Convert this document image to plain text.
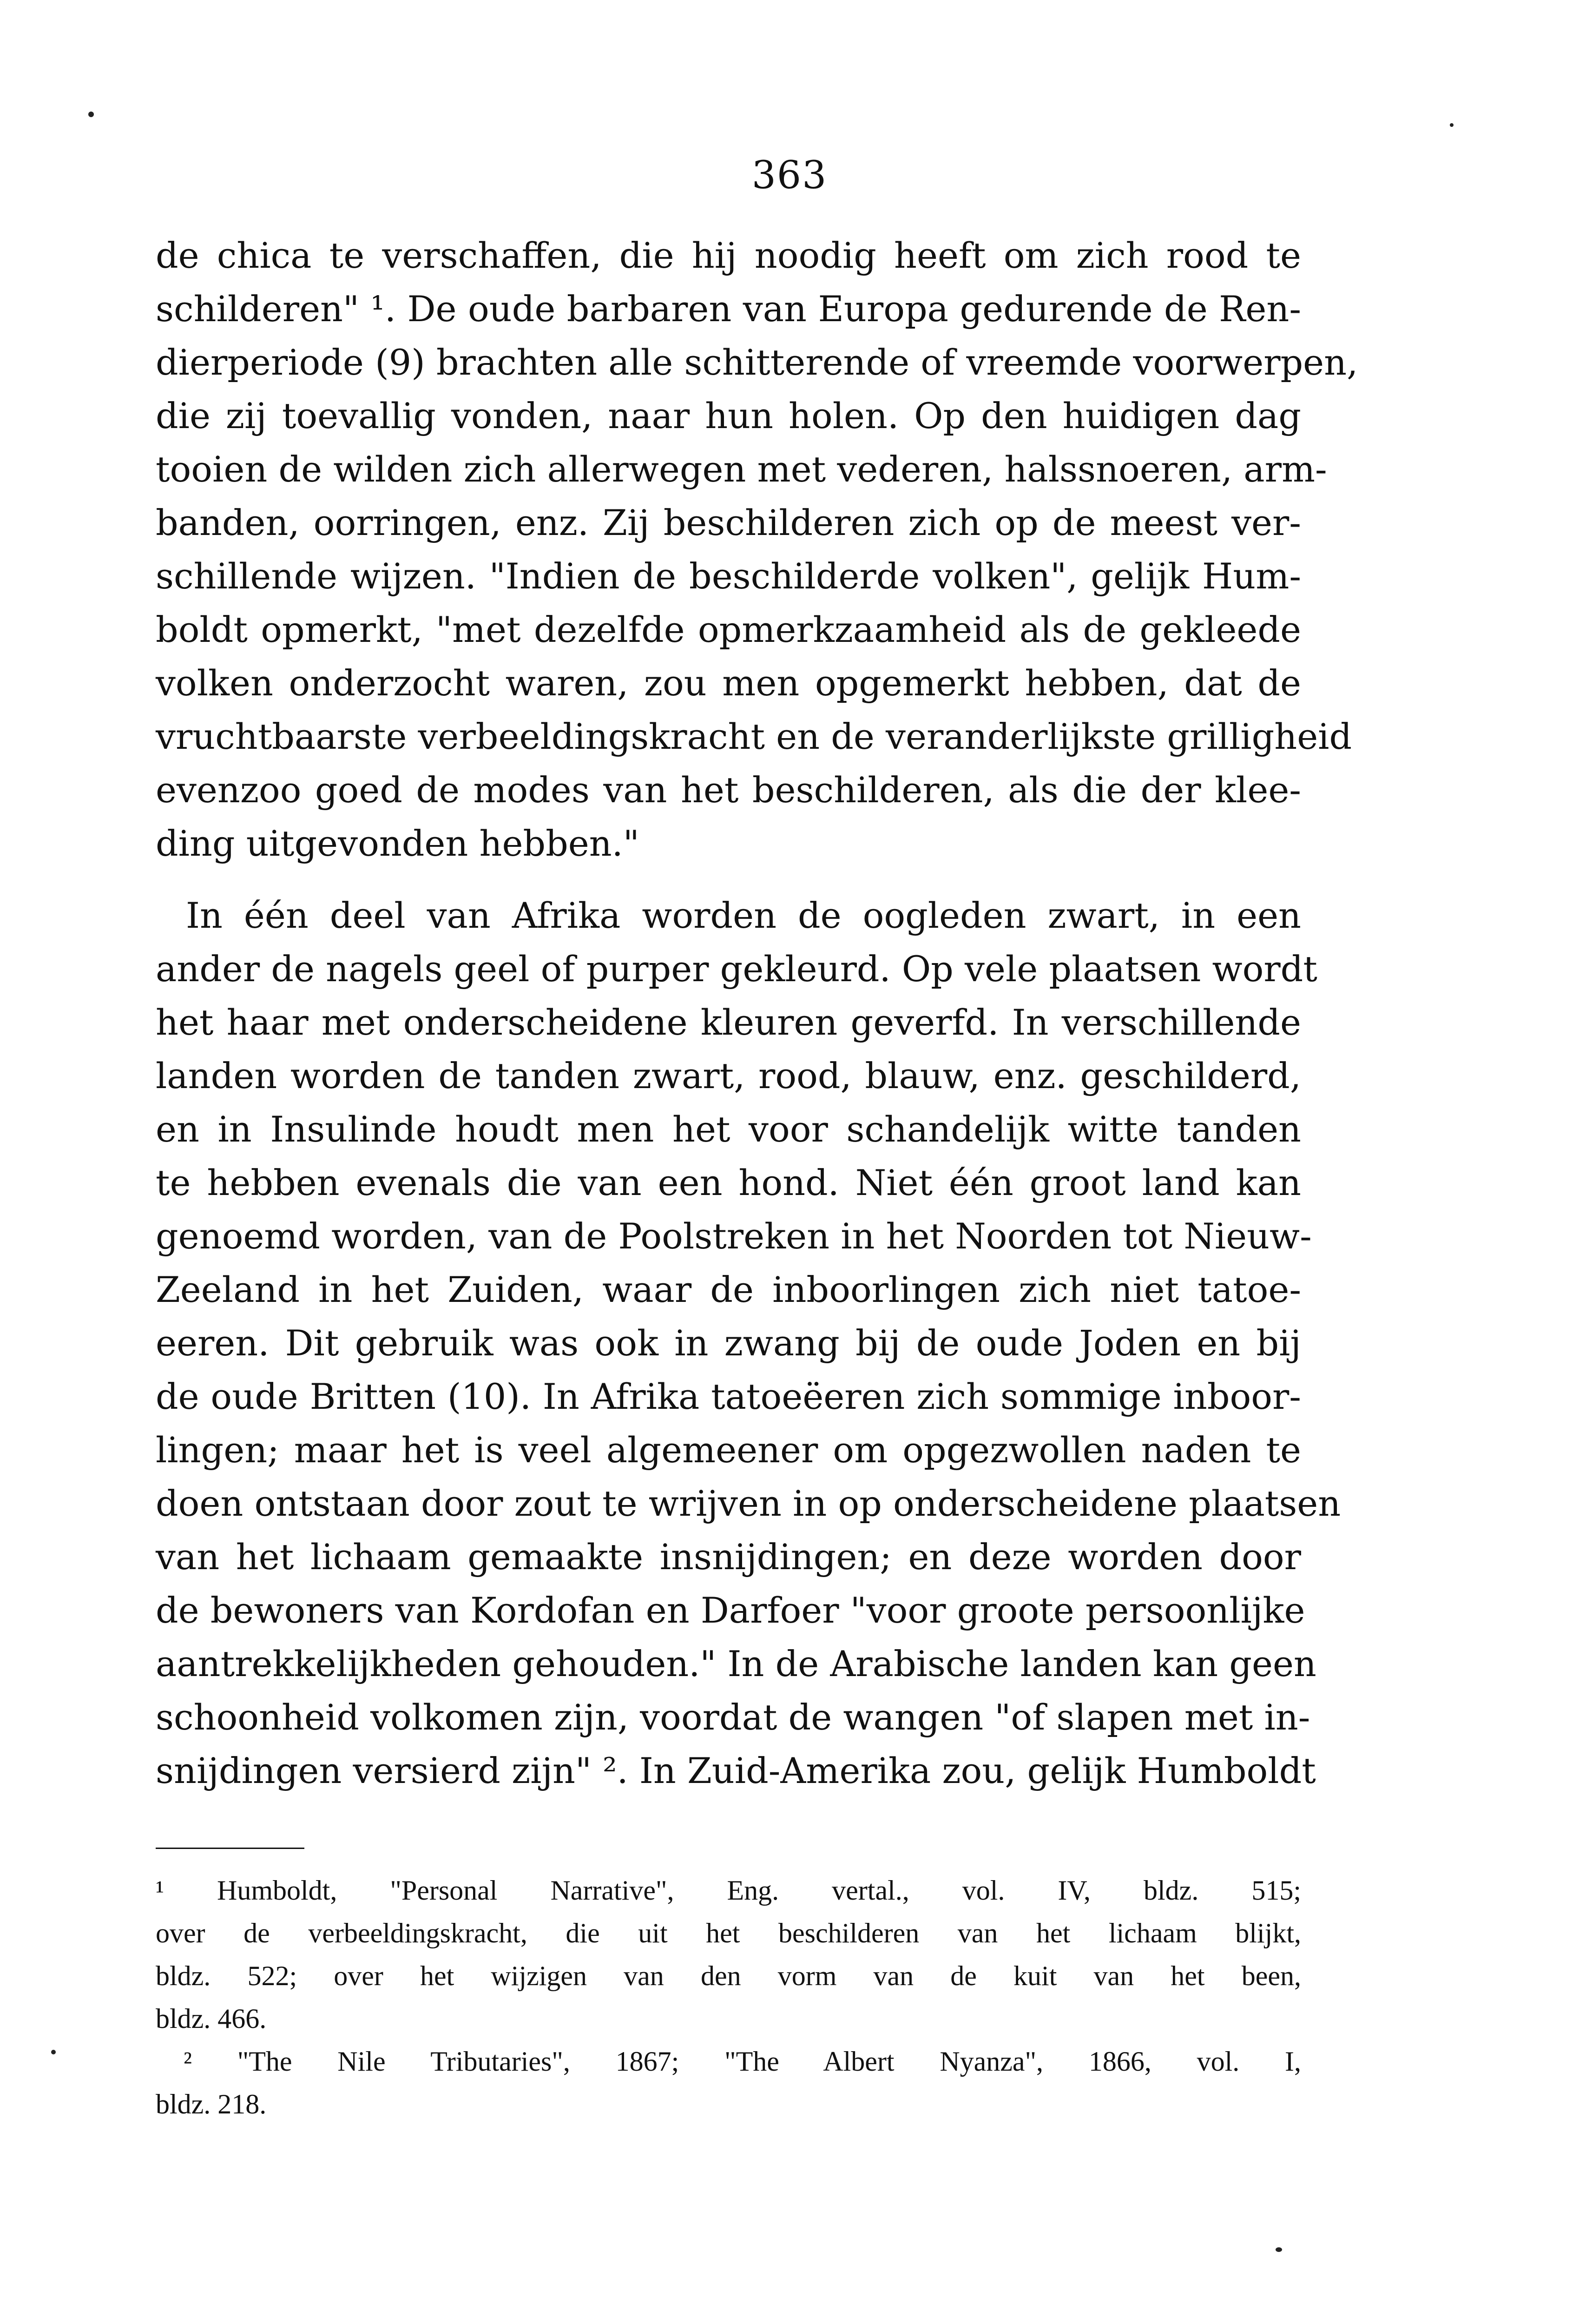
363
de chica te verschaffen, die hij noodig heeft om zich rood te
schilderen" ¹. De oude barbaren van Europa gedurende de Ren-
dierperiode (9) brachten alle schitterende of vreemde voorwerpen,
die zij toevallig vonden, naar hun holen. Op den huidigen dag
tooien de wilden zich allerwegen met vederen, halssnoeren, arm-
banden, oorringen, enz. Zij beschilderen zich op de meest ver-
schillende wijzen. "Indien de beschilderde volken", gelijk Hum-
boldt opmerkt, "met dezelfde opmerkzaamheid als de gekleede
volken onderzocht waren, zou men opgemerkt hebben, dat de
vruchtbaarste verbeeldingskracht en de veranderlijkste grilligheid
evenzoo goed de modes van het beschilderen, als die der klee-
ding uitgevonden hebben."
In één deel van Afrika worden de oogleden zwart, in een
ander de nagels geel of purper gekleurd. Op vele plaatsen wordt
het haar met onderscheidene kleuren geverfd. In verschillende
landen worden de tanden zwart, rood, blauw, enz. geschilderd,
en in Insulinde houdt men het voor schandelijk witte tanden
te hebben evenals die van een hond. Niet één groot land kan
genoemd worden, van de Poolstreken in het Noorden tot Nieuw-
Zeeland in het Zuiden, waar de inboorlingen zich niet tatoe-
eeren. Dit gebruik was ook in zwang bij de oude Joden en bij
de oude Britten (10). In Afrika tatoeëeren zich sommige inboor-
lingen; maar het is veel algemeener om opgezwollen naden te
doen ontstaan door zout te wrijven in op onderscheidene plaatsen
van het lichaam gemaakte insnijdingen; en deze worden door
de bewoners van Kordofan en Darfoer "voor groote persoonlijke
aantrekkelijkheden gehouden." In de Arabische landen kan geen
schoonheid volkomen zijn, voordat de wangen "of slapen met in-
snijdingen versierd zijn" ². In Zuid-Amerika zou, gelijk Humboldt
¹ Humboldt, "Personal Narrative", Eng. vertal., vol. IV, bldz. 515;
over de verbeeldingskracht, die uit het beschilderen van het lichaam blijkt,
bldz. 522; over het wijzigen van den vorm van de kuit van het been,
bldz. 466.
² "The Nile Tributaries", 1867; "The Albert Nyanza", 1866, vol. I,
bldz. 218.
